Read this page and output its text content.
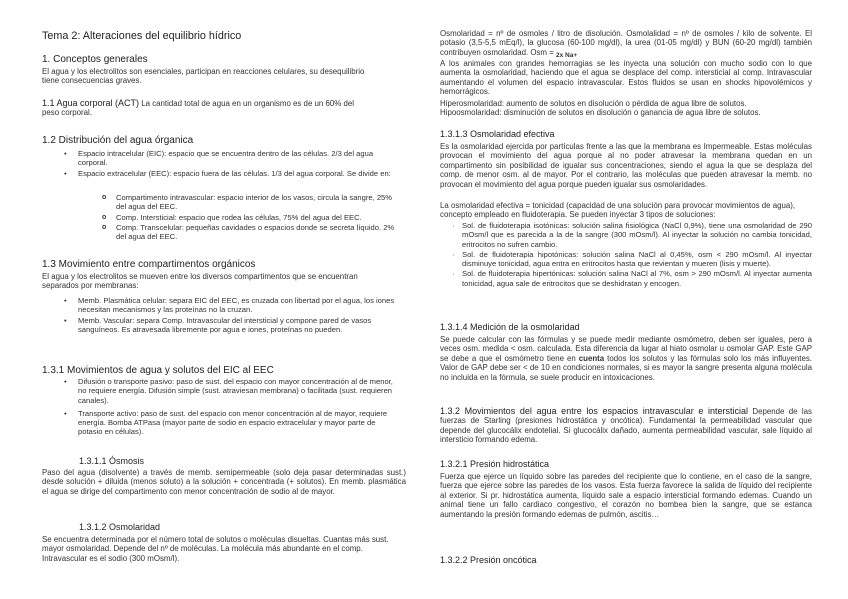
Tema 2: Alteraciones del equilibrio hídrico
1. Conceptos generales
El agua y los electrolitos son esenciales, participan en reacciones celulares, su desequilibrio tiene consecuencias graves.
1.1 Agua corporal (ACT) La cantidad total de agua en un organismo es de un 60% del peso corporal.
1.2 Distribución del agua órganica
• Espacio intracelular (EIC): espacio que se encuentra dentro de las células. 2/3 del agua corporal.
• Espacio extracelular (EEC): espacio fuera de las células. 1/3 del agua corporal. Se divide en:
o Compartimento intravascular: espacio interior de los vasos, circula la sangre, 25% del agua del EEC.
o Comp. Intersticial: espacio que rodea las células, 75% del agua del EEC.
o Comp. Transcelular: pequeñas cavidades o espacios donde se secreta líquido. 2% del agua del EEC.
1.3 Movimiento entre compartimentos orgánicos
El agua y los electrolitos se mueven entre los diversos compartimentos que se encuentran separados por membranas:
• Memb. Plasmática celular: separa EIC del EEC, es cruzada con libertad por el agua, los iones necesitan mecanismos y las proteínas no la cruzan.
• Memb. Vascular: separa Comp. Intravascular del intersticial y compone pared de vasos sanguíneos. Es atravesada libremente por agua e iones, proteínas no pueden.
1.3.1 Movimientos de agua y solutos del EIC al EEC
• Difusión o transporte pasivo: paso de sust. del espacio con mayor concentración al de menor, no requiere energía. Difusión simple (sust. atraviesan membrana) o facilitada (sust. requieren canales).
• Transporte activo: paso de sust. del espacio con menor concentración al de mayor, requiere energía. Bomba ATPasa (mayor parte de sodio en espacio extracelular y mayor parte de potasio en células).
1.3.1.1 Ósmosis
Paso del agua (disolvente) a través de memb. semipermeable (solo deja pasar determinadas sust.) desde solución + diluida (menos soluto) a la solución + concentrada (+ solutos). En memb. plasmática el agua se dirige del compartimento con menor concentración de sodio al de mayor.
1.3.1.2 Osmolaridad
Se encuentra determinada por el número total de solutos o moléculas disueltas. Cuantas más sust. mayor osmolaridad. Depende del nº de moléculas. La molécula más abundante en el comp. Intravascular es el sodio (300 mOsm/l).
Osmolaridad = nº de osmoles / litro de disolución. Osmolalidad = nº de osmoles / kilo de solvente. El potasio (3,5-5,5 mEq/l), la glucosa (60-100 mg/dl), la urea (01-05 mg/dl) y BUN (60-20 mg/dl) también contribuyen osmolaridad. Osm = $_{2x Na+}$
A los animales con grandes hemorragias se les inyecta una solución con mucho sodio con lo que aumenta la osmolaridad, haciendo que el agua se desplace del comp. intersticial al comp. Intravascular aumentando el volumen del espacio intravascular. Estos fluidos se usan en shocks hipovolémicos y hemorrágicos.
Hiperosmolaridad: aumento de solutos en disolución o pérdida de agua libre de solutos.
Hipoosmolaridad: disminución de solutos en disolución o ganancia de agua libre de solutos.
1.3.1.3 Osmolaridad efectiva
Es la osmolaridad ejercida por partículas frente a las que la membrana es Impermeable. Estas moléculas provocan el movimiento del agua porque al no poder atravesar la membrana quedan en un compartimento sin posibilidad de igualar sus concentraciones, siendo el agua la que se desplaza del comp. de menor osm. al de mayor. Por el contrario, las moléculas que pueden atravesar la memb. no provocan el movimiento del agua porque pueden igualar sus osmolaridades.
La osmolaridad efectiva = tonicidad (capacidad de una solución para provocar movimientos de agua), concepto empleado en fluidoterapia. Se pueden inyectar 3 tipos de soluciones:
· Sol. de fluidoterapia isotónicas: solución salina fisiológica (NaCl 0,9%), tiene una osmolaridad de 290 mOsm/l que es parecida a la de la sangre (300 mOsm/l). Al inyectar la solución no cambia tonicidad, eritrocitos no sufren cambio.
· Sol. de fluidoterapia hipotónicas: solución salina NaCl al 0,45%, osm < 290 mOsm/l. Al inyectar disminuye tonicidad, agua entra en eritrocitos hasta que revientan y mueren (lisis y muerte).
· Sol. de fluidoterapia hipertónicas: solución salina NaCl al 7%, osm > 290 mOsm/l. Al inyectar aumenta tonicidad, agua sale de eritrocitos que se deshidratan y encogen.
1.3.1.4 Medición de la osmolaridad
Se puede calcular con las fórmulas y se puede medir mediante osmómetro, deben ser iguales, pero a veces osm. medida < osm. calculada. Esta diferencia da lugar al hiato osmolar u osmolar GAP. Este GAP se debe a que el osmómetro tiene en cuenta todos los solutos y las fórmulas solo los más influyentes. Valor de GAP debe ser < de 10 en condiciones normales, si es mayor la sangre presenta alguna molécula no incluida en la fórmula, se suele producir en intoxicaciones.
1.3.2 Movimientos del agua entre los espacios intravascular e intersticial Depende de las fuerzas de Starling (presiones hidrostática y oncótica). Fundamental la permeabilidad vascular que depende del glucocálix endotelial. Si glucocálix dañado, aumenta permeabilidad vascular, sale líquido al intersticio formando edema.
1.3.2.1 Presión hidrostática
Fuerza que ejerce un líquido sobre las paredes del recipiente que lo contiene, en el caso de la sangre, fuerza que ejerce sobre las paredes de los vasos. Esta fuerza favorece la salida de líquido del recipiente al exterior. Si pr. hidrostática aumenta, líquido sale a espacio intersticial formando edemas. Cuando un animal tiene un fallo cardiaco congestivo, el corazón no bombea bien la sangre, que se estanca aumentando la presión formando edemas de pulmón, ascitis…
1.3.2.2 Presión oncótica
